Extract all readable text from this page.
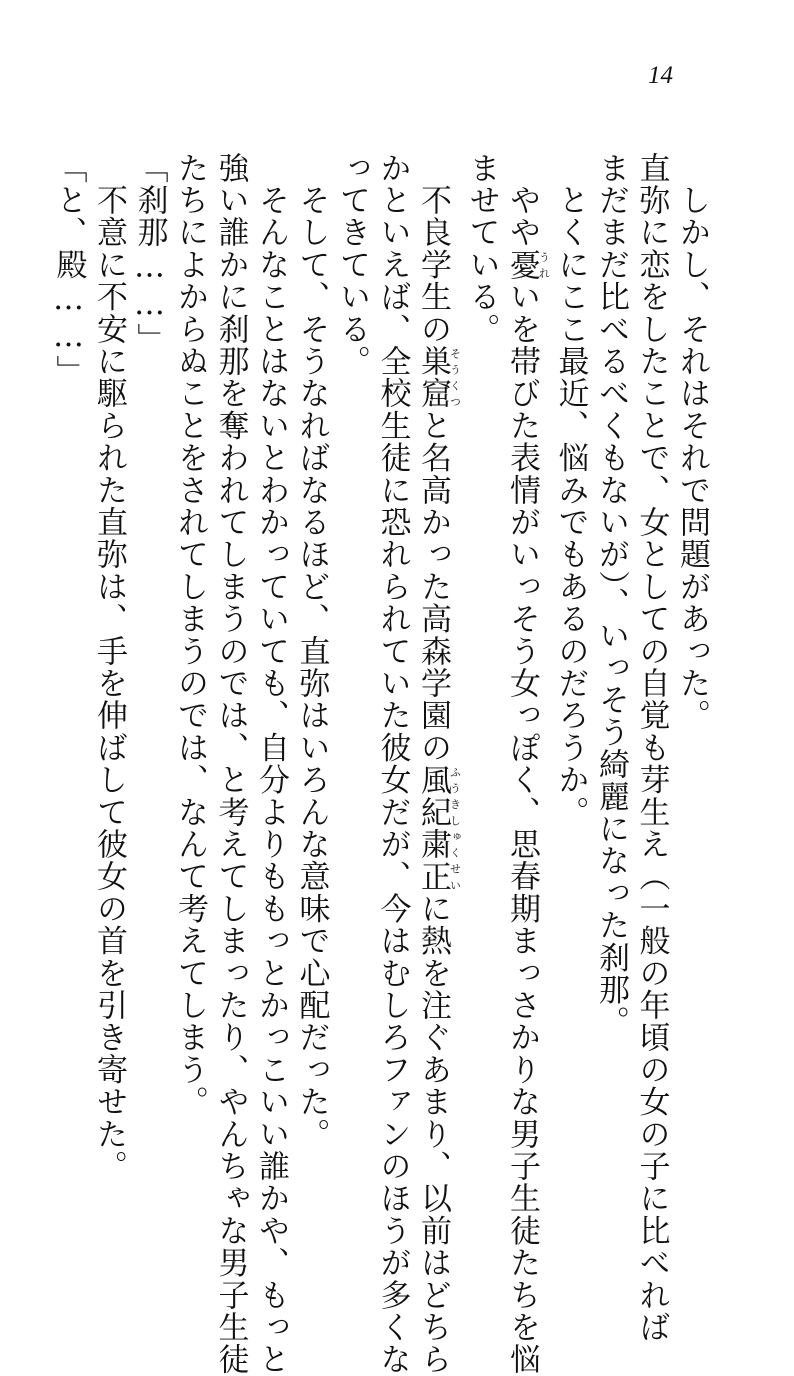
14

　しかし、それはそれで問題があった。

直弥に恋をしたことで、女としての自覚も芽生え（一般の年頃の女の子に比べれば

まだまだ比べるべくもないが）、いっそう綺麗になった刹那。

　とくにここ最近、悩みでもあるのだろうか。

　やや憂うれいを帯びた表情がいっそう女っぽく、思春期まっさかりな男子生徒たちを悩

ませている。

　不良学生の巣窟そうくつと名高かった高森学園の風紀粛正ふうきしゅくせいに熱を注ぐあまり、以前はどちら

かといえば、全校生徒に恐れられていた彼女だが、今はむしろファンのほうが多くな

ってきている。

　そして、そうなればなるほど、直弥はいろんな意味で心配だった。

　そんなことはないとわかっていても、自分よりももっとかっこいい誰かや、もっと

強い誰かに刹那を奪われてしまうのでは、と考えてしまったり、やんちゃな男子生徒

たちによからぬことをされてしまうのでは、なんて考えてしまう。

「刹那……」

　不意に不安に駆られた直弥は、手を伸ばして彼女の首を引き寄せた。

「と、殿……」
